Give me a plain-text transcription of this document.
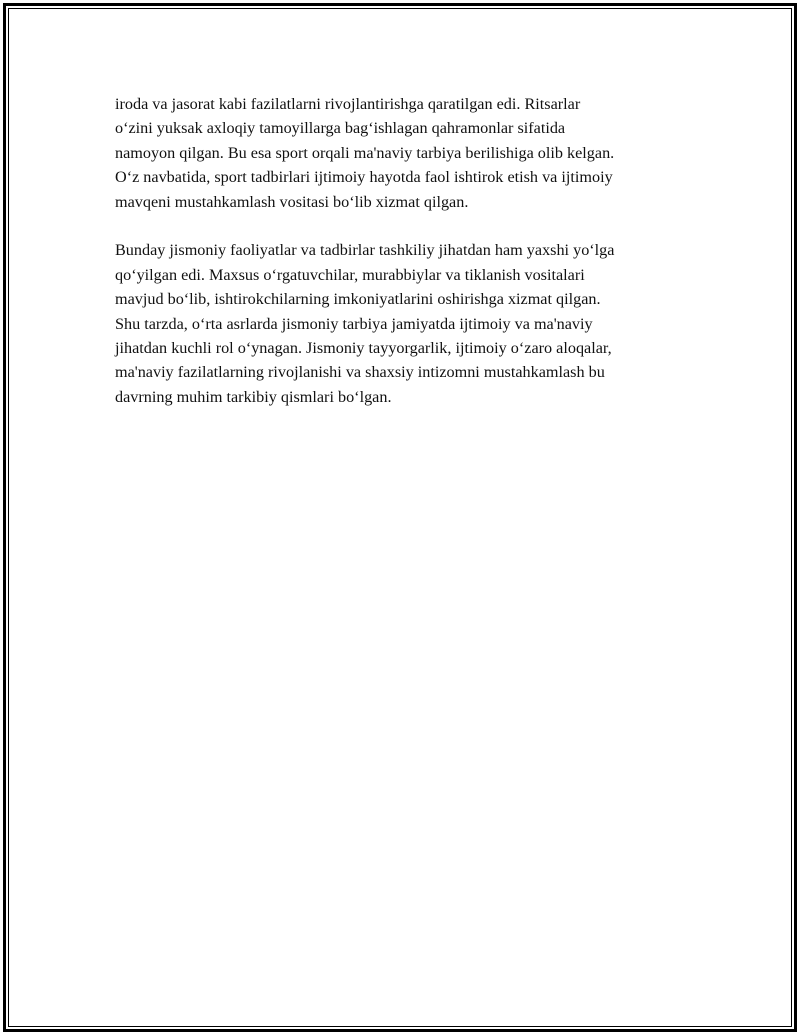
iroda va jasorat kabi fazilatlarni rivojlantirishga qaratilgan edi. Ritsarlar
o‘zini yuksak axloqiy tamoyillarga bag‘ishlagan qahramonlar sifatida
namoyon qilgan. Bu esa sport orqali ma'naviy tarbiya berilishiga olib kelgan.
O‘z navbatida, sport tadbirlari ijtimoiy hayotda faol ishtirok etish va ijtimoiy
mavqeni mustahkamlash vositasi bo‘lib xizmat qilgan.

Bunday jismoniy faoliyatlar va tadbirlar tashkiliy jihatdan ham yaxshi yo‘lga
qo‘yilgan edi. Maxsus o‘rgatuvchilar, murabbiylar va tiklanish vositalari
mavjud bo‘lib, ishtirokchilarning imkoniyatlarini oshirishga xizmat qilgan.
Shu tarzda, o‘rta asrlarda jismoniy tarbiya jamiyatda ijtimoiy va ma'naviy
jihatdan kuchli rol o‘ynagan. Jismoniy tayyorgarlik, ijtimoiy o‘zaro aloqalar,
ma'naviy fazilatlarning rivojlanishi va shaxsiy intizomni mustahkamlash bu
davrning muhim tarkibiy qismlari bo‘lgan.
